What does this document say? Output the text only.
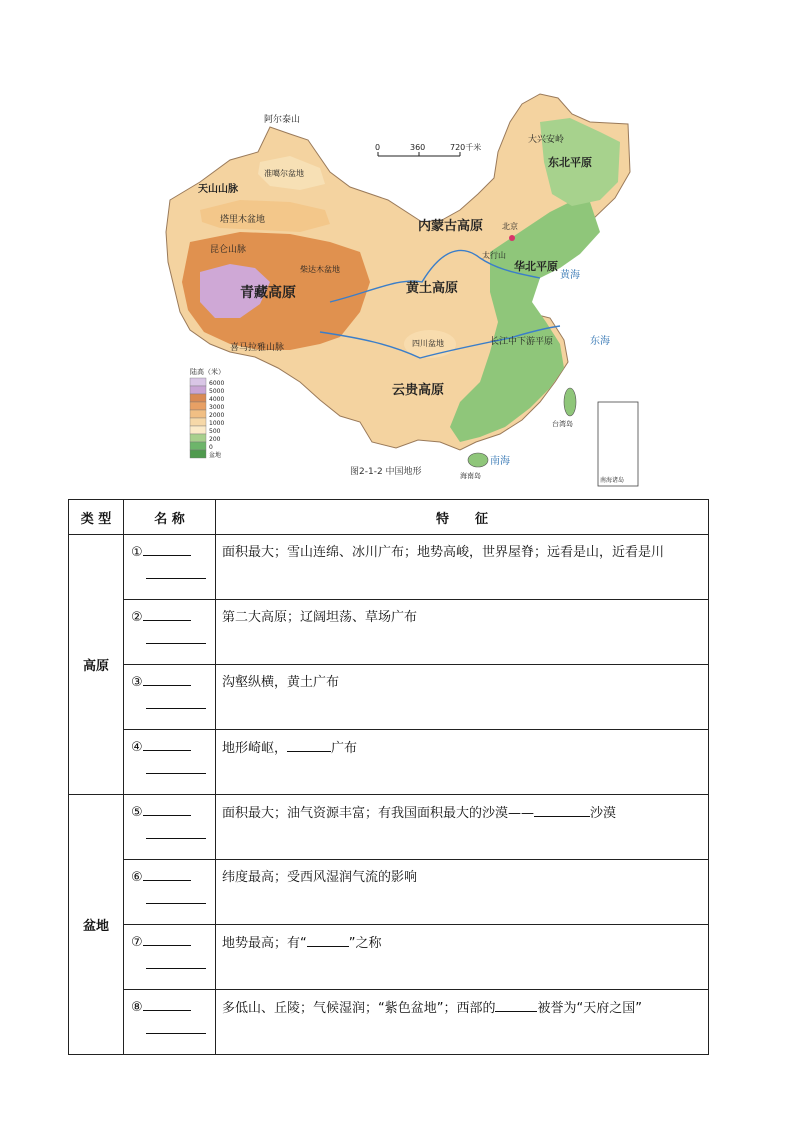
北京
阿尔泰山
天山山脉
准噶尔盆地
塔里木盆地
昆仑山脉
青藏高原
喜马拉雅山脉
柴达木盆地
内蒙古高原
黄土高原
四川盆地
云贵高原
东北平原
华北平原
长江中下游平原
大兴安岭
太行山
黄海
东海
南海
台湾岛
海南岛
0	360	720千米
陆高（米）
6000
5000
4000
3000
2000
1000
500
200
0
盆地
南海诸岛
图2-1-2 中国地形
类 型	名 称	特　　征
高原	①	面积最大；雪山连绵、冰川广布；地势高峻，世界屋脊；远看是山，近看是川

	②	第二大高原；辽阔坦荡、草场广布

	③	沟壑纵横，黄土广布

	④	地形崎岖， 广布
盆地	⑤	面积最大；油气资源丰富；有我国面积最大的沙漠—— 沙漠

	⑥	纬度最高；受西风湿润气流的影响

	⑦	地势最高；有“ ”之称

	⑧	多低山、丘陵；气候湿润；“紫色盆地”；西部的 被誉为“天府之国”
